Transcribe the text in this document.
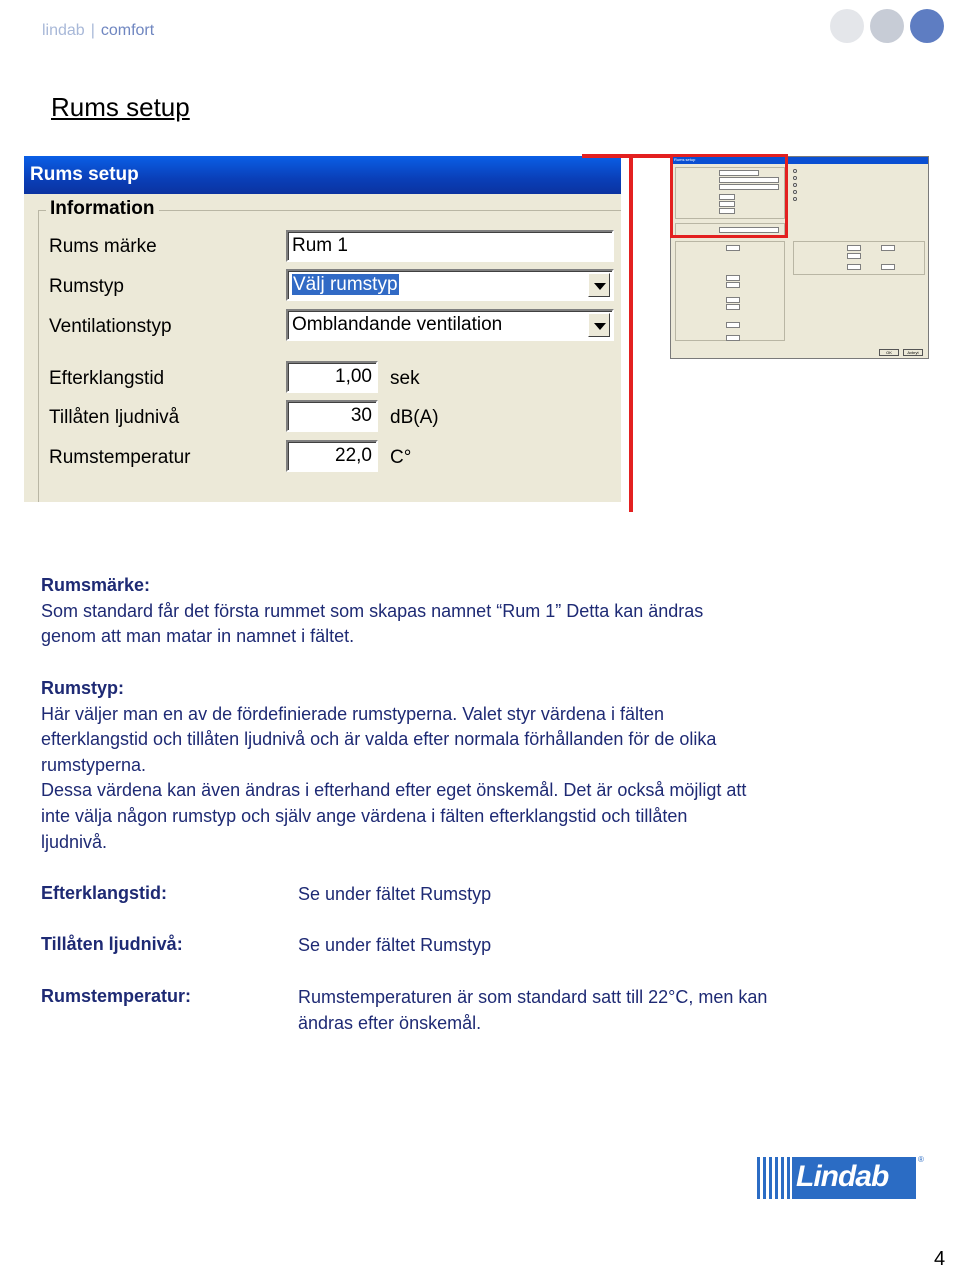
lindab | comfort
Rums setup
Rums setup
Information
Rums märke	Rum 1
Rumstyp	Välj rumstyp
Ventilationstyp	Omblandande ventilation
Efterklangstid	1,00 sek
Tillåten ljudnivå	30 dB(A)
Rumstemperatur	22,0 C°
Rums setup
OK	Avbryt
Rumsmärke:
Som standard får det första rummet som skapas namnet “Rum 1” Detta kan ändras
genom att man matar in namnet i fältet.
Rumstyp:
Här väljer man en av de fördefinierade rumstyperna. Valet styr värdena i fälten
efterklangstid och tillåten ljudnivå och är valda efter normala förhållanden för de olika
rumstyperna.
Dessa värdena kan även ändras i efterhand efter eget önskemål. Det är också möjligt att
inte välja någon rumstyp och själv ange värdena i fälten efterklangstid och tillåten
ljudnivå.
Efterklangstid:	Se under fältet Rumstyp
Tillåten ljudnivå:	Se under fältet Rumstyp
Rumstemperatur:	Rumstemperaturen är som standard satt till 22°C, men kan
ändras efter önskemål.
Lindab
®
4
